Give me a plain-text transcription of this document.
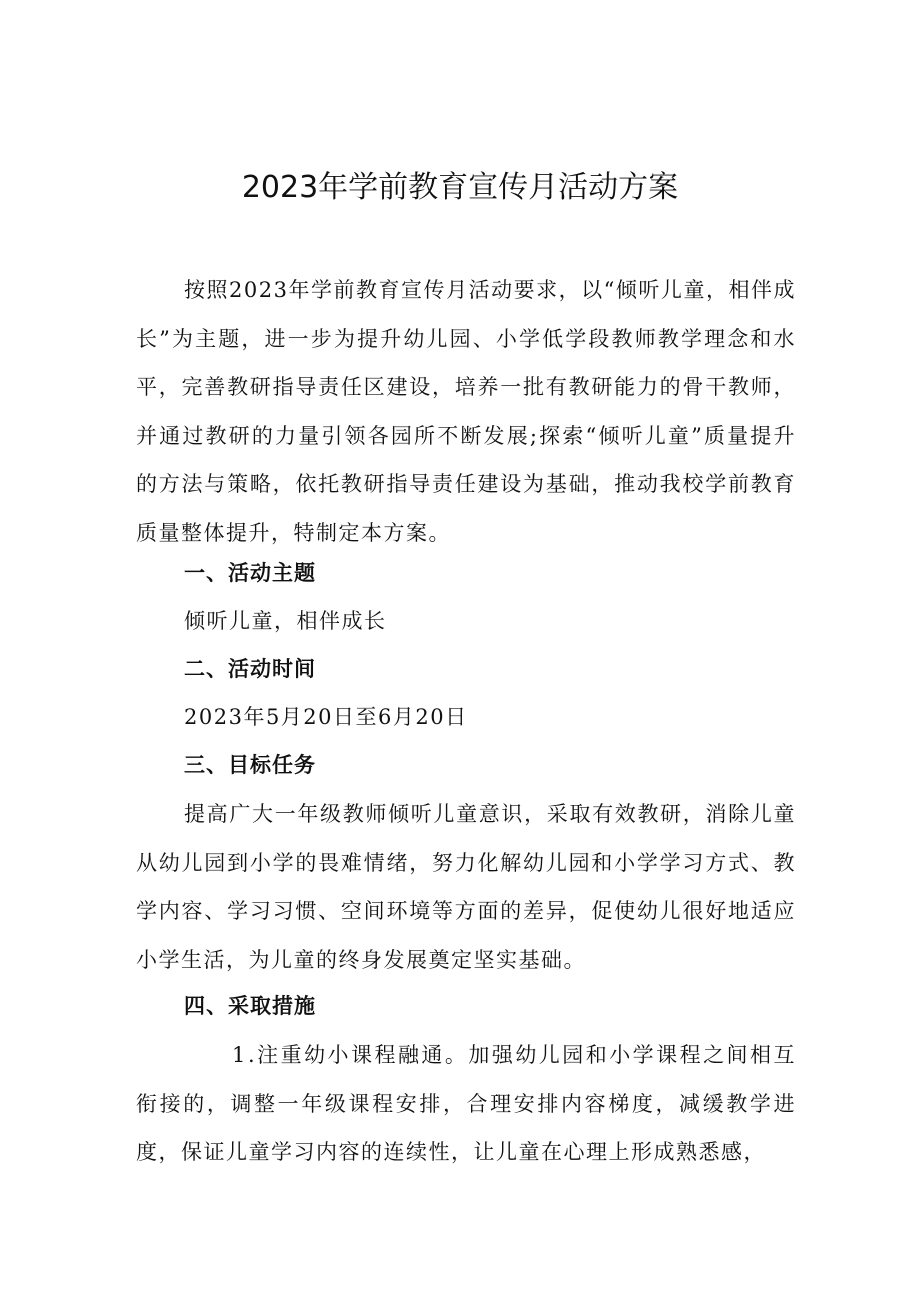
2023年学前教育宣传月活动方案
按照2023年学前教育宣传月活动要求，以“倾听儿童，相伴成长”为主题，进一步为提升幼儿园、小学低学段教师教学理念和水平，完善教研指导责任区建设，培养一批有教研能力的骨干教师，并通过教研的力量引领各园所不断发展;探索“倾听儿童”质量提升的方法与策略，依托教研指导责任建设为基础，推动我校学前教育质量整体提升，特制定本方案。
一、活动主题
倾听儿童，相伴成长
二、活动时间
2023年5月20日至6月20日
三、目标任务
提高广大一年级教师倾听儿童意识，采取有效教研，消除儿童从幼儿园到小学的畏难情绪，努力化解幼儿园和小学学习方式、教学内容、学习习惯、空间环境等方面的差异，促使幼儿很好地适应小学生活，为儿童的终身发展奠定坚实基础。
四、采取措施
1.注重幼小课程融通。加强幼儿园和小学课程之间相互衔接的，调整一年级课程安排，合理安排内容梯度，减缓教学进度，保证儿童学习内容的连续性，让儿童在心理上形成熟悉感，
